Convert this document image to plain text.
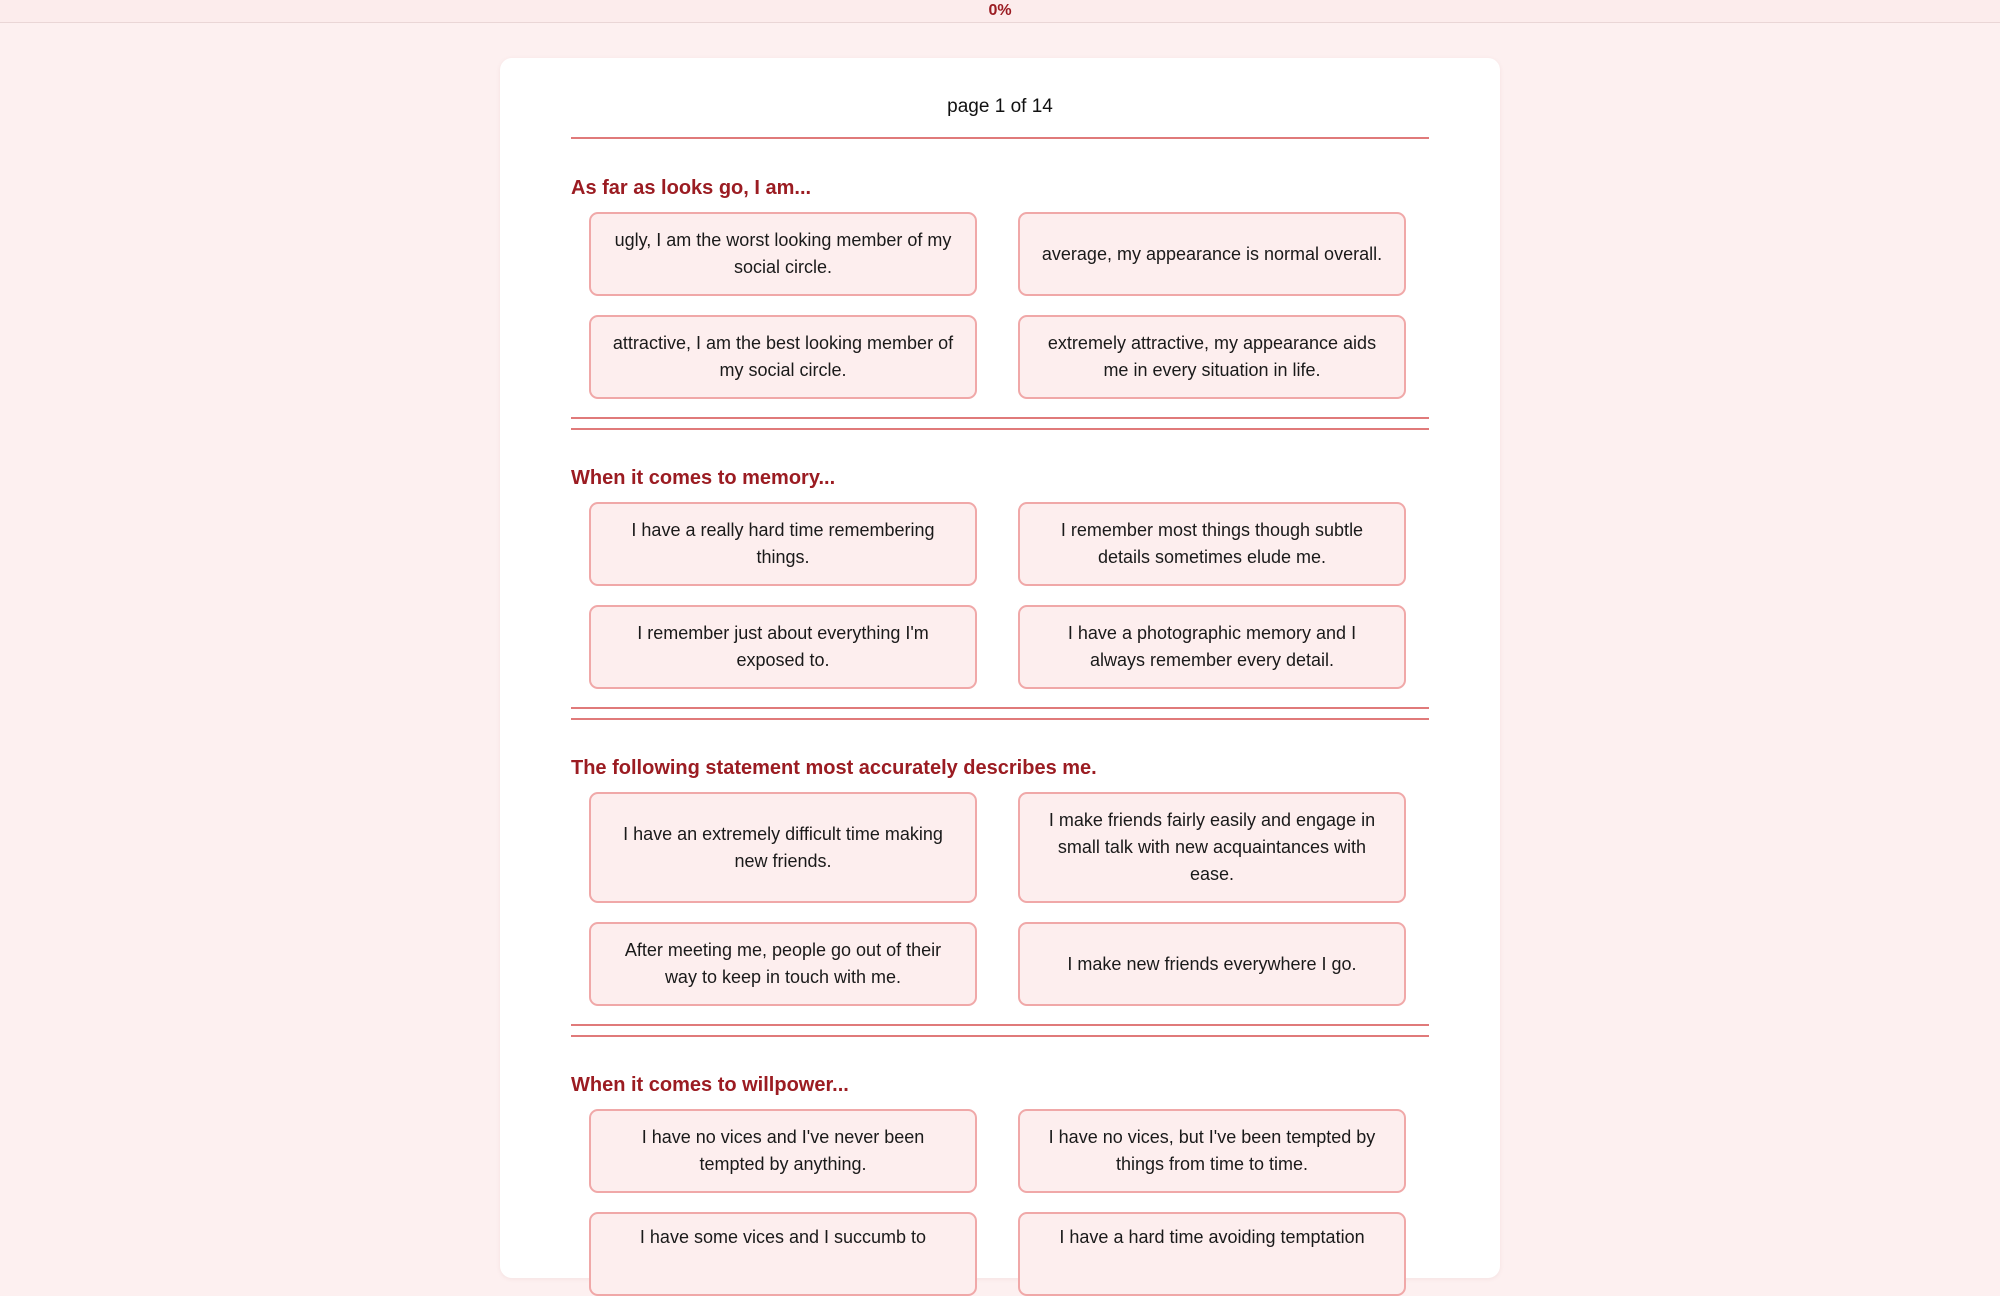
0%
page 1 of 14
As far as looks go, I am...
ugly, I am the worst looking member of my social circle.
average, my appearance is normal overall.
attractive, I am the best looking member of my social circle.
extremely attractive, my appearance aids me in every situation in life.
When it comes to memory...
I have a really hard time remembering things.
I remember most things though subtle details sometimes elude me.
I remember just about everything I'm exposed to.
I have a photographic memory and I always remember every detail.
The following statement most accurately describes me.
I have an extremely difficult time making new friends.
I make friends fairly easily and engage in small talk with new acquaintances with ease.
After meeting me, people go out of their way to keep in touch with me.
I make new friends everywhere I go.
When it comes to willpower...
I have no vices and I've never been tempted by anything.
I have no vices, but I've been tempted by things from time to time.
I have some vices and I succumb to	I have a hard time avoiding temptation
